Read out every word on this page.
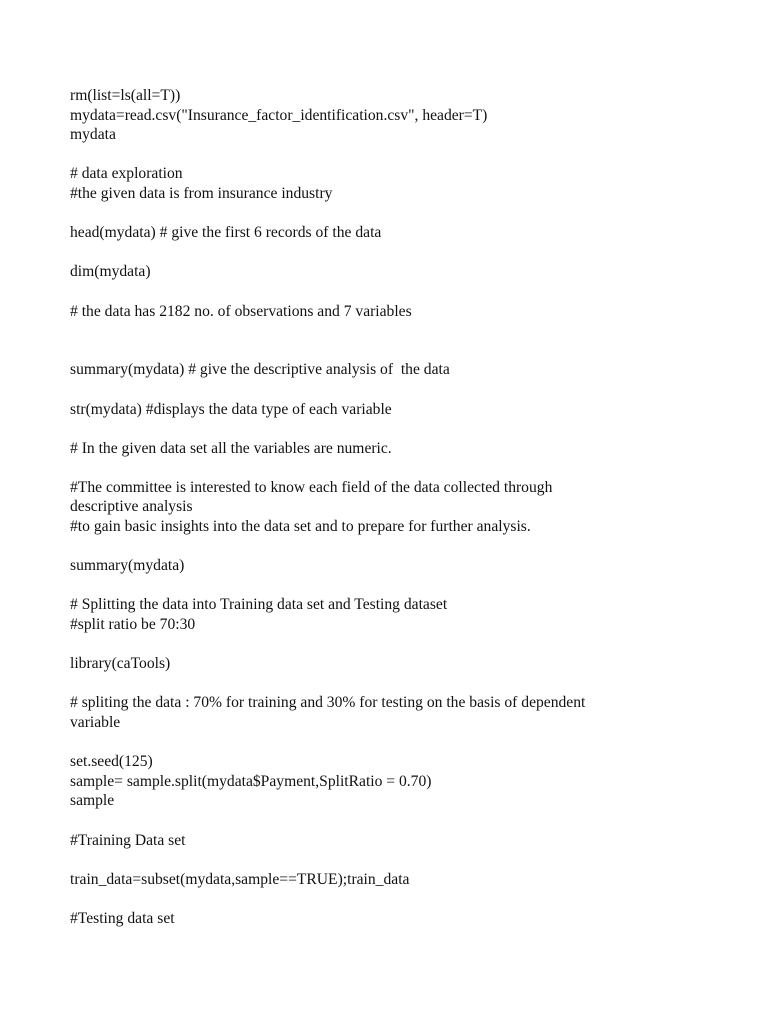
rm(list=ls(all=T))
mydata=read.csv("Insurance_factor_identification.csv", header=T)
mydata
# data exploration
#the given data is from insurance industry
head(mydata) # give the first 6 records of the data
dim(mydata)
# the data has 2182 no. of observations and 7 variables
summary(mydata) # give the descriptive analysis of  the data
str(mydata) #displays the data type of each variable
# In the given data set all the variables are numeric.
#The committee is interested to know each field of the data collected through
descriptive analysis
#to gain basic insights into the data set and to prepare for further analysis.
summary(mydata)
# Splitting the data into Training data set and Testing dataset
#split ratio be 70:30
library(caTools)
# spliting the data : 70% for training and 30% for testing on the basis of dependent
variable
set.seed(125)
sample= sample.split(mydata$Payment,SplitRatio = 0.70)
sample
#Training Data set
train_data=subset(mydata,sample==TRUE);train_data
#Testing data set
